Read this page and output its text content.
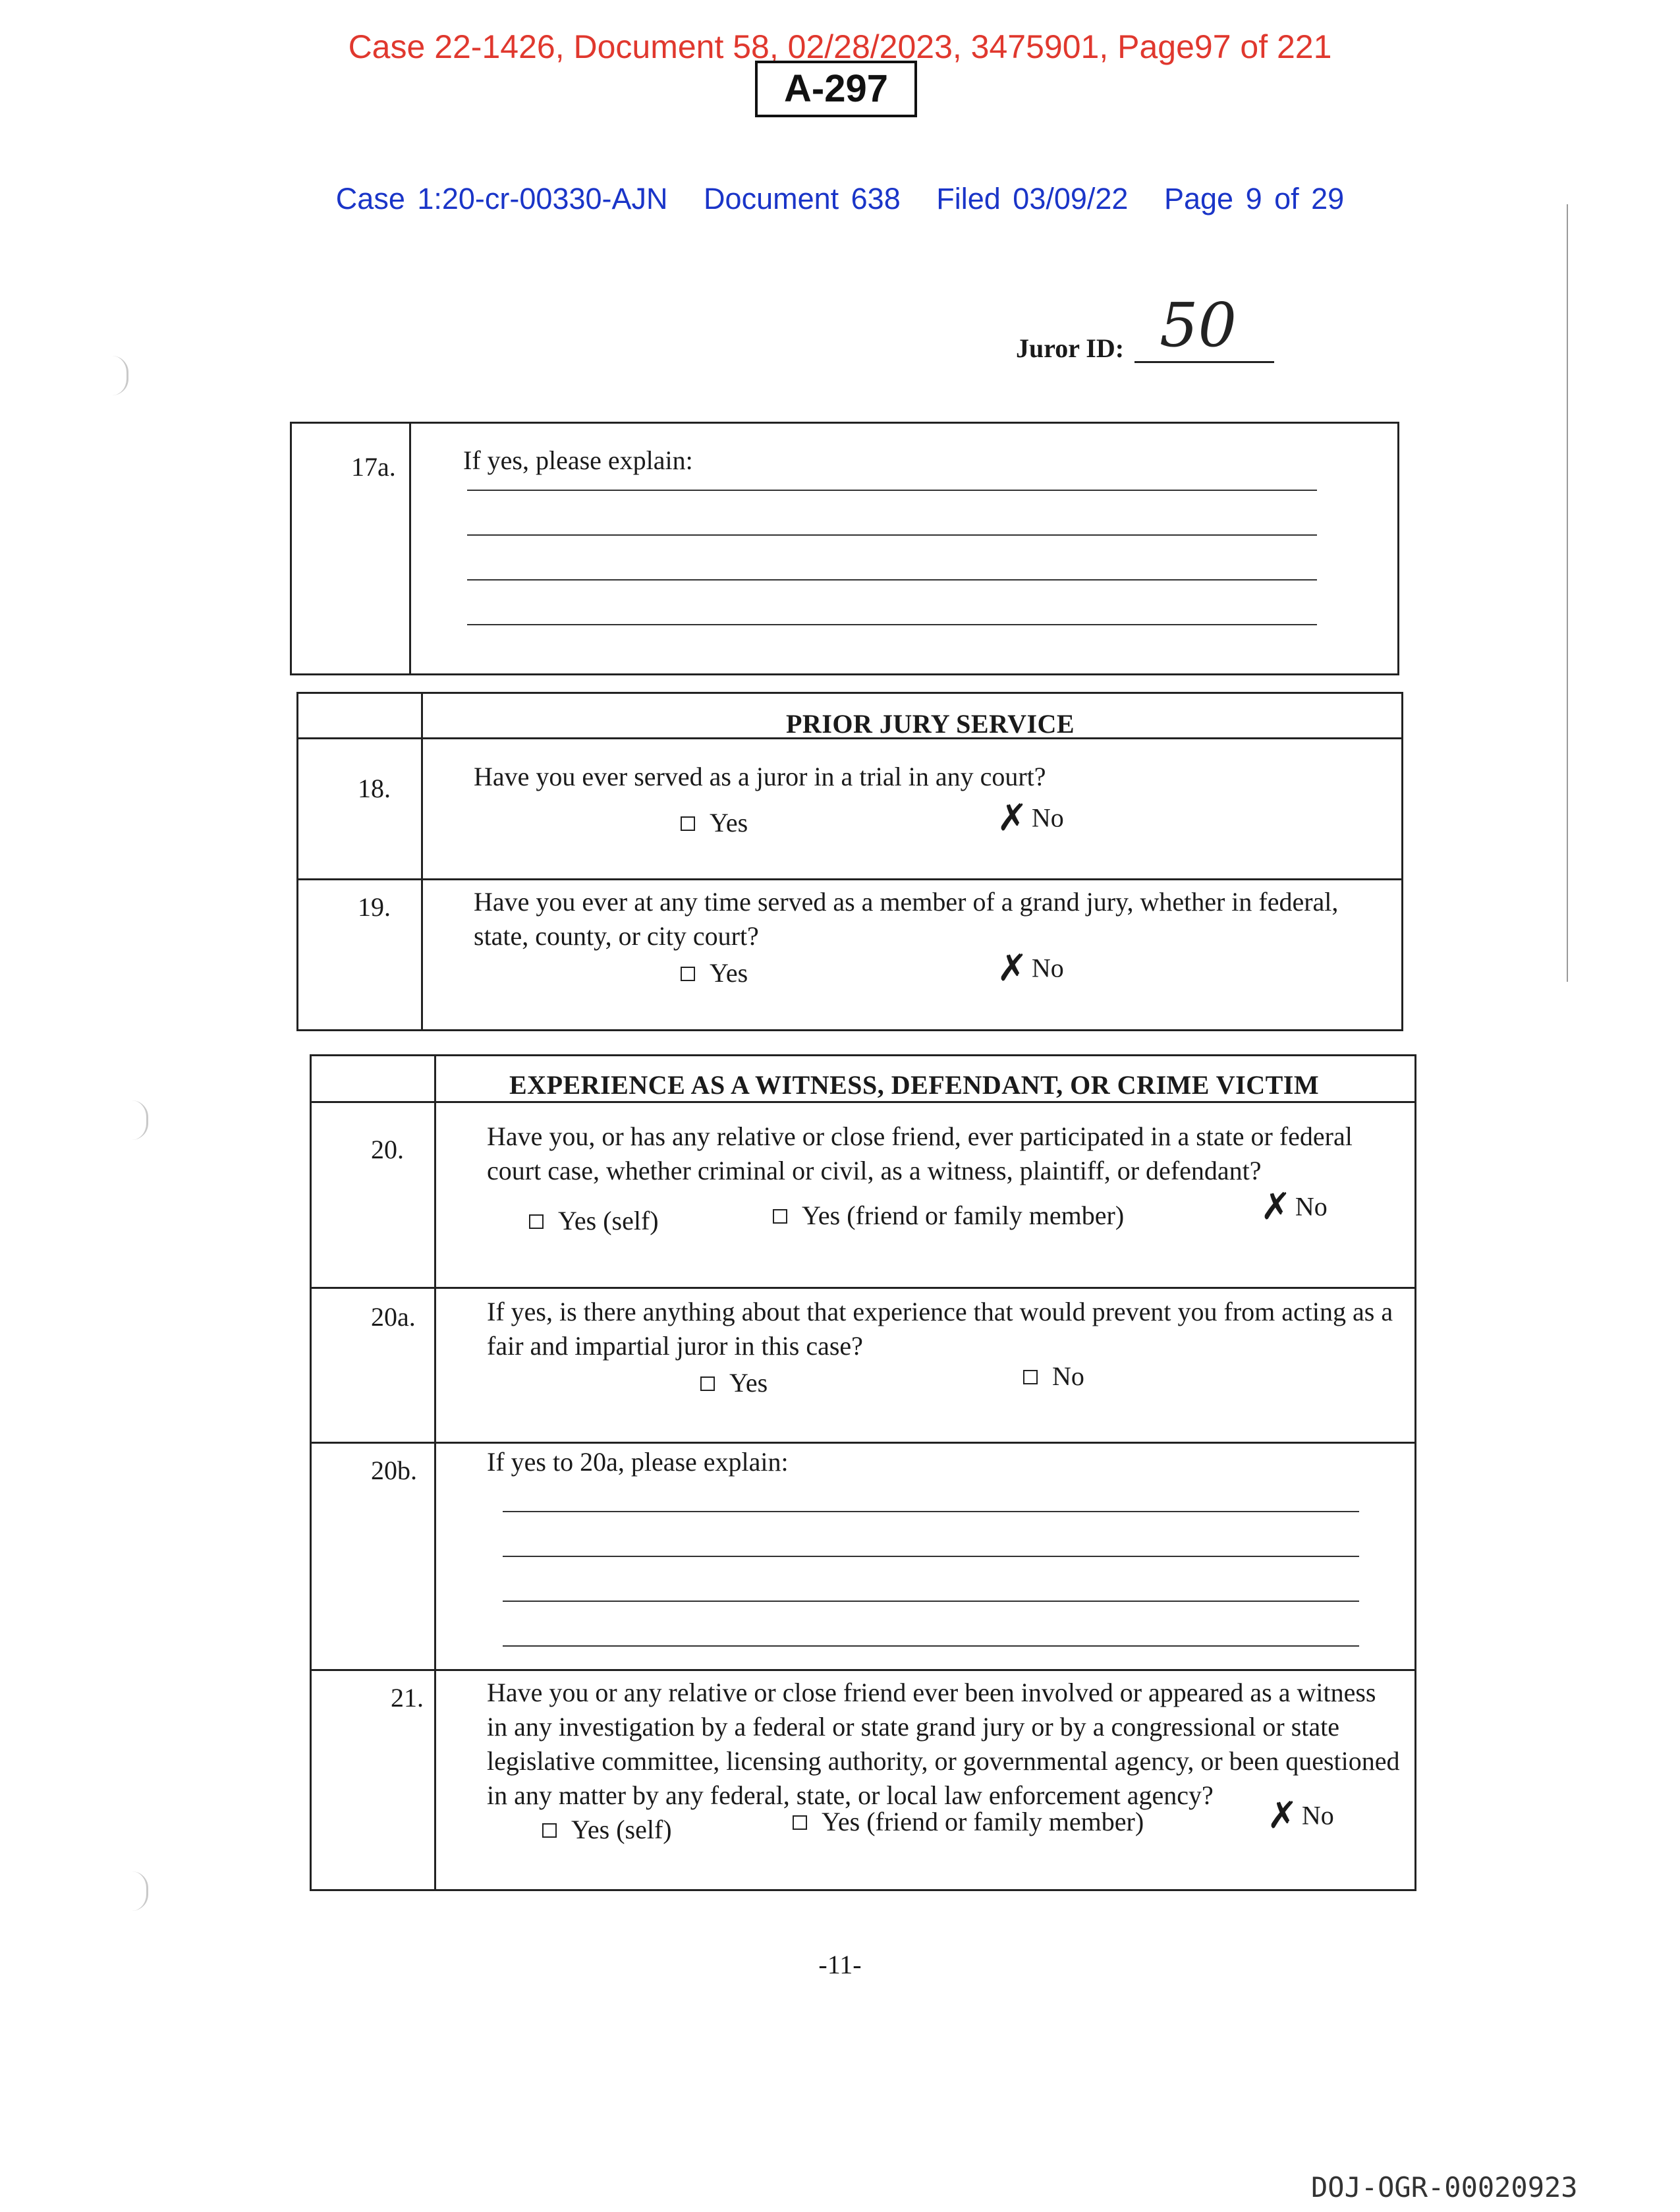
Case 22-1426, Document 58, 02/28/2023, 3475901, Page97 of 221
A-297
Case 1:20-cr-00330-AJN Document 638 Filed 03/09/22 Page 9 of 29
Juror ID: 50
17a.	If yes, please explain:
PRIOR JURY SERVICE
18.	Have you ever served as a juror in a trial in any court?
Yes	✗ No
19.	Have you ever at any time served as a member of a grand jury, whether in federal, state, county, or city court?
Yes	✗ No
EXPERIENCE AS A WITNESS, DEFENDANT, OR CRIME VICTIM
20.	Have you, or has any relative or close friend, ever participated in a state or federal court case, whether criminal or civil, as a witness, plaintiff, or defendant?
Yes (self)	Yes (friend or family member)	✗ No
20a.	If yes, is there anything about that experience that would prevent you from acting as a fair and impartial juror in this case?
Yes	No
20b.	If yes to 20a, please explain:
21. Have you or any relative or close friend ever been involved or appeared as a witness in any investigation by a federal or state grand jury or by a congressional or state legislative committee, licensing authority, or governmental agency, or been questioned in any matter by any federal, state, or local law enforcement agency?
Yes (self)	Yes (friend or family member)	✗ No
-11-
DOJ-OGR-00020923
